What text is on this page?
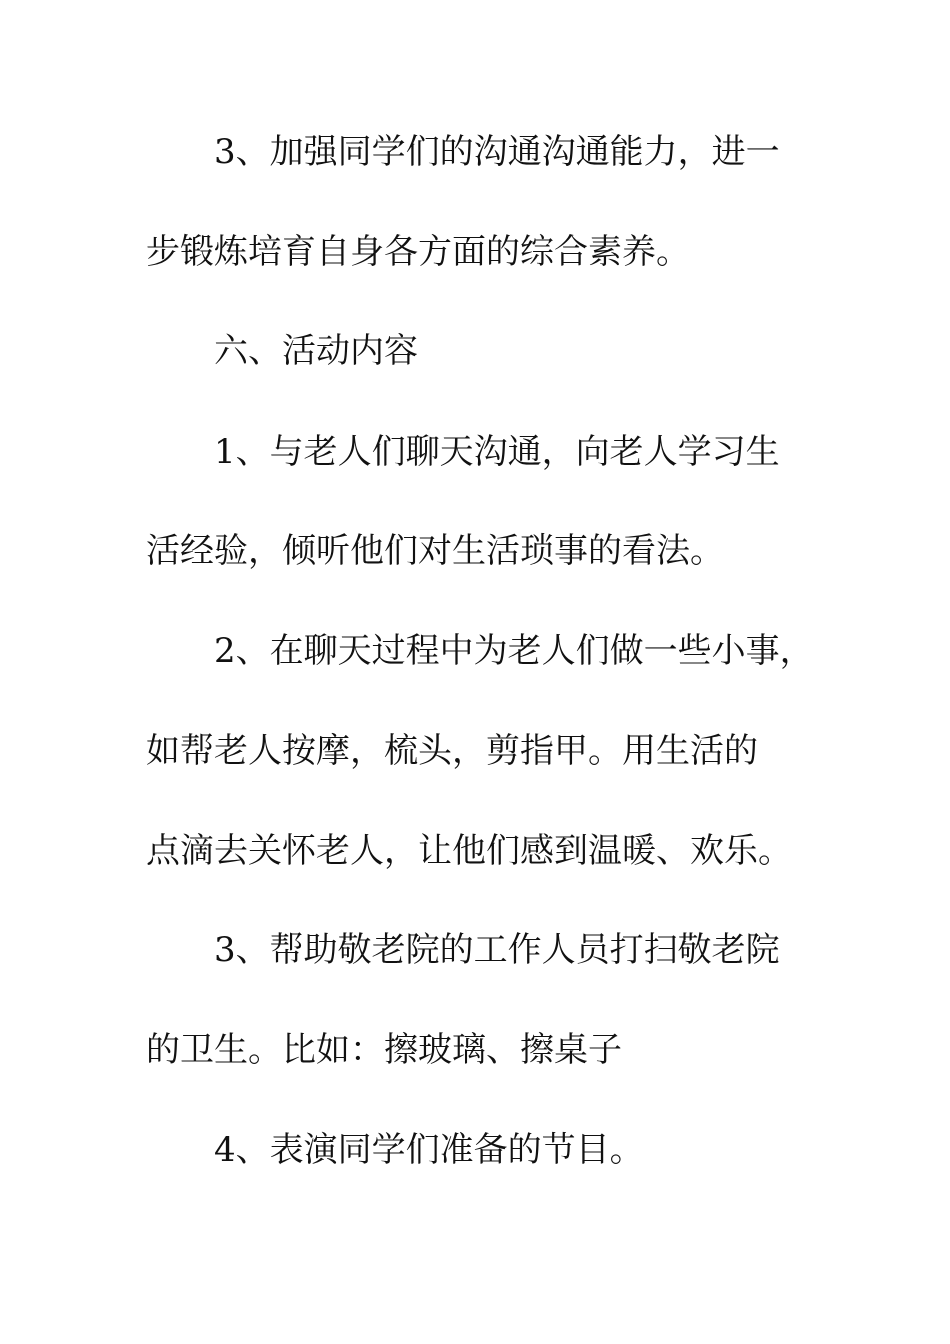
3、加强同学们的沟通沟通能力，进一
步锻炼培育自身各方面的综合素养。
六、活动内容
1、与老人们聊天沟通，向老人学习生
活经验，倾听他们对生活琐事的看法。
2、在聊天过程中为老人们做一些小事，
如帮老人按摩，梳头，剪指甲。用生活的
点滴去关怀老人，让他们感到温暖、欢乐。
3、帮助敬老院的工作人员打扫敬老院
的卫生。比如：擦玻璃、擦桌子
4、表演同学们准备的节目。
